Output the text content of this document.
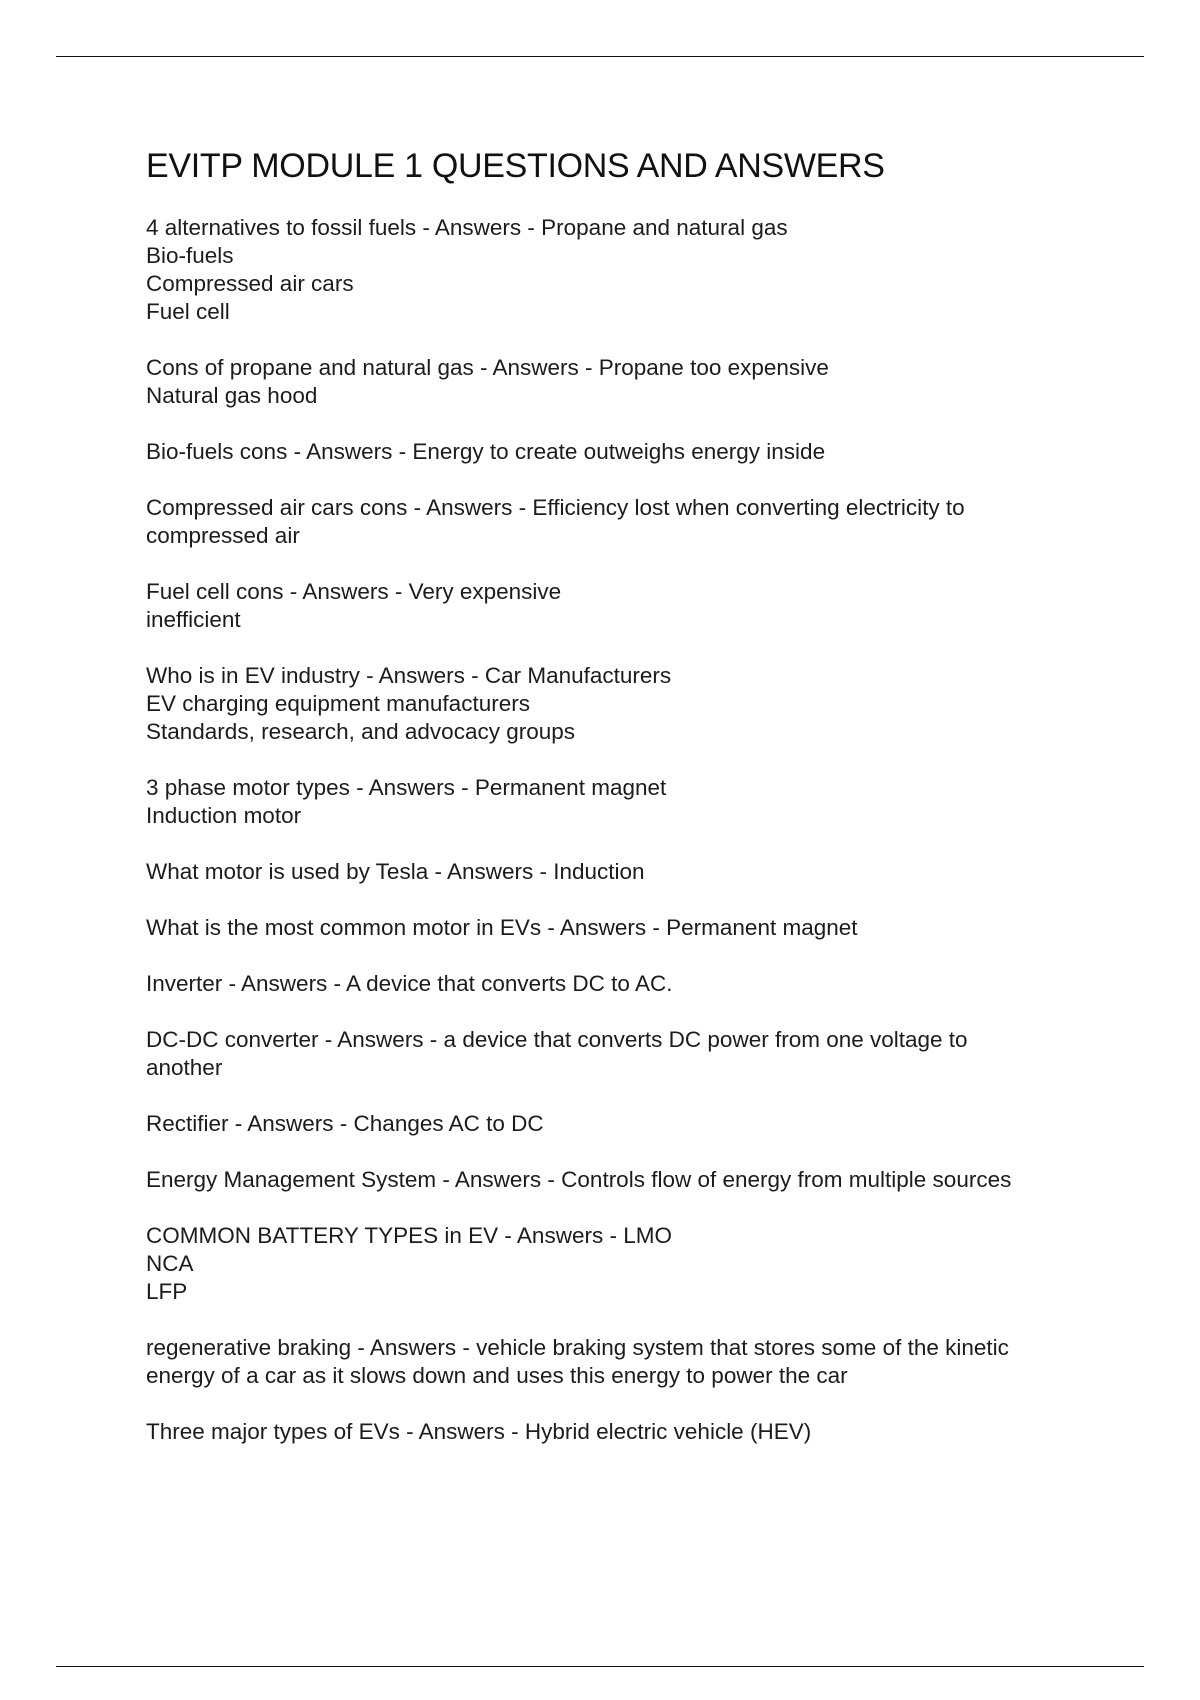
EVITP MODULE 1 QUESTIONS AND ANSWERS

4 alternatives to fossil fuels - Answers - Propane and natural gas

Bio-fuels

Compressed air cars

Fuel cell

Cons of propane and natural gas - Answers - Propane too expensive

Natural gas hood

Bio-fuels cons - Answers - Energy to create outweighs energy inside

Compressed air cars cons - Answers - Efficiency lost when converting electricity to

compressed air

Fuel cell cons - Answers - Very expensive

inefficient

Who is in EV industry - Answers - Car Manufacturers

EV charging equipment manufacturers

Standards, research, and advocacy groups

3 phase motor types - Answers - Permanent magnet

Induction motor

What motor is used by Tesla - Answers - Induction

What is the most common motor in EVs - Answers - Permanent magnet

Inverter - Answers - A device that converts DC to AC.

DC-DC converter - Answers - a device that converts DC power from one voltage to

another

Rectifier - Answers - Changes AC to DC

Energy Management System - Answers - Controls flow of energy from multiple sources

COMMON BATTERY TYPES in EV - Answers - LMO

NCA

LFP

regenerative braking - Answers - vehicle braking system that stores some of the kinetic

energy of a car as it slows down and uses this energy to power the car

Three major types of EVs - Answers - Hybrid electric vehicle (HEV)
